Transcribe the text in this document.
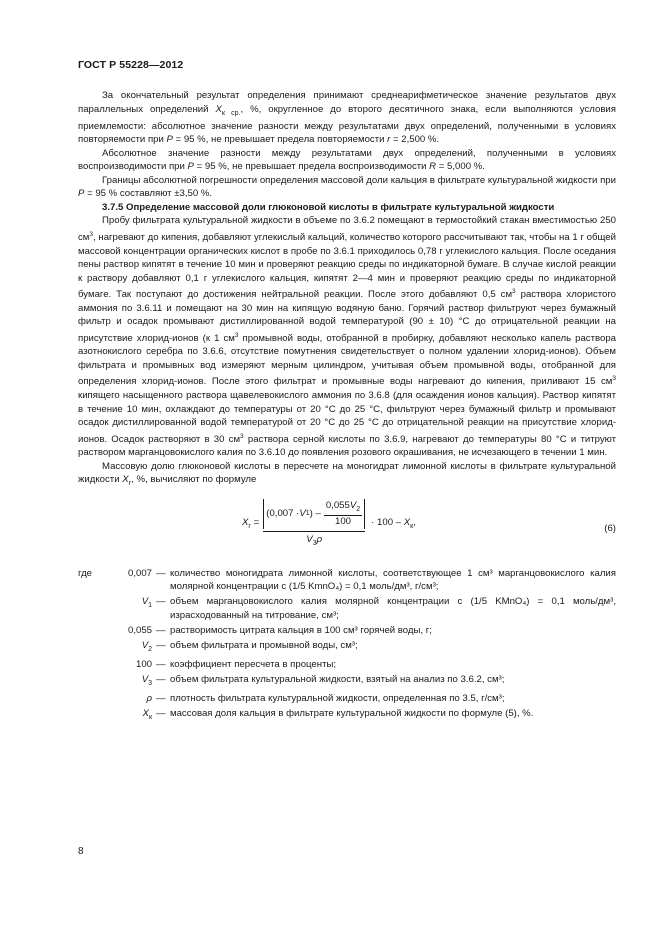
ГОСТ Р 55228—2012

За окончательный результат определения принимают среднеарифметическое значение результатов двух параллельных определений $X_{к ср.}$, %, округленное до второго десятичного знака, если выполняются условия приемлемости: абсолютное значение разности между результатами двух определений, полученными в условиях повторяемости при P = 95 %, не превышает предела повторяемости r = 2,500 %.

Абсолютное значение разности между результатами двух определений, полученными в условиях воспроизводимости при P = 95 %, не превышает предела воспроизводимости R = 5,000 %.

Границы абсолютной погрешности определения массовой доли кальция в фильтрате культуральной жидкости при P = 95 % составляют ±3,50 %.

3.7.5 Определение массовой доли глюконовой кислоты в фильтрате культуральной жидкости

Пробу фильтрата культуральной жидкости в объеме по 3.6.2 помещают в термостойкий стакан вместимостью 250 $см^3$, нагревают до кипения, добавляют углекислый кальций, количество которого рассчитывают так, чтобы на 1 г общей массовой концентрации органических кислот в пробе по 3.6.1 приходилось 0,78 г углекислого кальция. После оседания пены раствор кипятят в течение 10 мин и проверяют реакцию среды по индикаторной бумаге. В случае кислой реакции к раствору добавляют 0,1 г углекислого кальция, кипятят 2—4 мин и проверяют реакцию среды по индикаторной бумаге. Так поступают до достижения нейтральной реакции. После этого добавляют 0,5 $см^3$ раствора хлористого аммония по 3.6.11 и помещают на 30 мин на кипящую водяную баню. Горячий раствор фильтруют через бумажный фильтр и осадок промывают дистиллированной водой температурой (90 ± 10) °С до отрицательной реакции на присутствие хлорид-ионов (к 1 $см^3$ промывной воды, отобранной в пробирку, добавляют несколько капель раствора азотнокислого серебра по 3.6.6, отсутствие помутнения свидетельствует о полном удалении хлорид-ионов). Объем фильтрата и промывных вод измеряют мерным цилиндром, учитывая объем промывной воды, отобранной для определения хлорид-ионов. После этого фильтрат и промывные воды нагревают до кипения, приливают 15 $см^3$ кипящего насыщенного раствора щавелевокислого аммония по 3.6.8 (для осаждения ионов кальция). Раствор кипятят в течение 10 мин, охлаждают до температуры от 20 °С до 25 °С, фильтруют через бумажный фильтр и промывают осадок дистиллированной водой температурой от 20 °С до 25 °С до отрицательной реакции на присутствие хлорид-ионов. Осадок растворяют в 30 $см^3$ раствора серной кислоты по 3.6.9, нагревают до температуры 80 °С и титруют раствором марганцовокислого калия по 3.6.10 до появления розового окрашивания, не исчезающего в течении 1 мин.

Массовую долю глюконовой кислоты в пересчете на моногидрат лимонной кислоты в фильтрате культуральной жидкости $X_г$, %, вычисляют по формуле

$X_г$ =
(0,007 · V 1 ) – $\frac{0,055V_2}{100}$
$V_3\rho$
· $100 - X_к$,
(6)
где	0,007 — количество моногидрата лимонной кислоты, соответствующее 1 см³ марганцовокислого калия молярной концентрации c (1/5 KmnO₄) = 0,1 моль/дм³, г/см³;
$V_1$ — объем марганцовокислого калия молярной концентрации c (1/5 KMnO₄) = 0,1 моль/дм³, израсходованный на титрование, см³;
0,055 — растворимость цитрата кальция в 100 см³ горячей воды, г;
$V_2$ — объем фильтрата и промывной воды, см³;
100 — коэффициент пересчета в проценты;
$V_3$ — объем фильтрата культуральной жидкости, взятый на анализ по 3.6.2, см³;
ρ — плотность фильтрата культуральной жидкости, определенная по 3.5, г/см³;
$X_к$ — массовая доля кальция в фильтрате культуральной жидкости по формуле (5), %.
8
